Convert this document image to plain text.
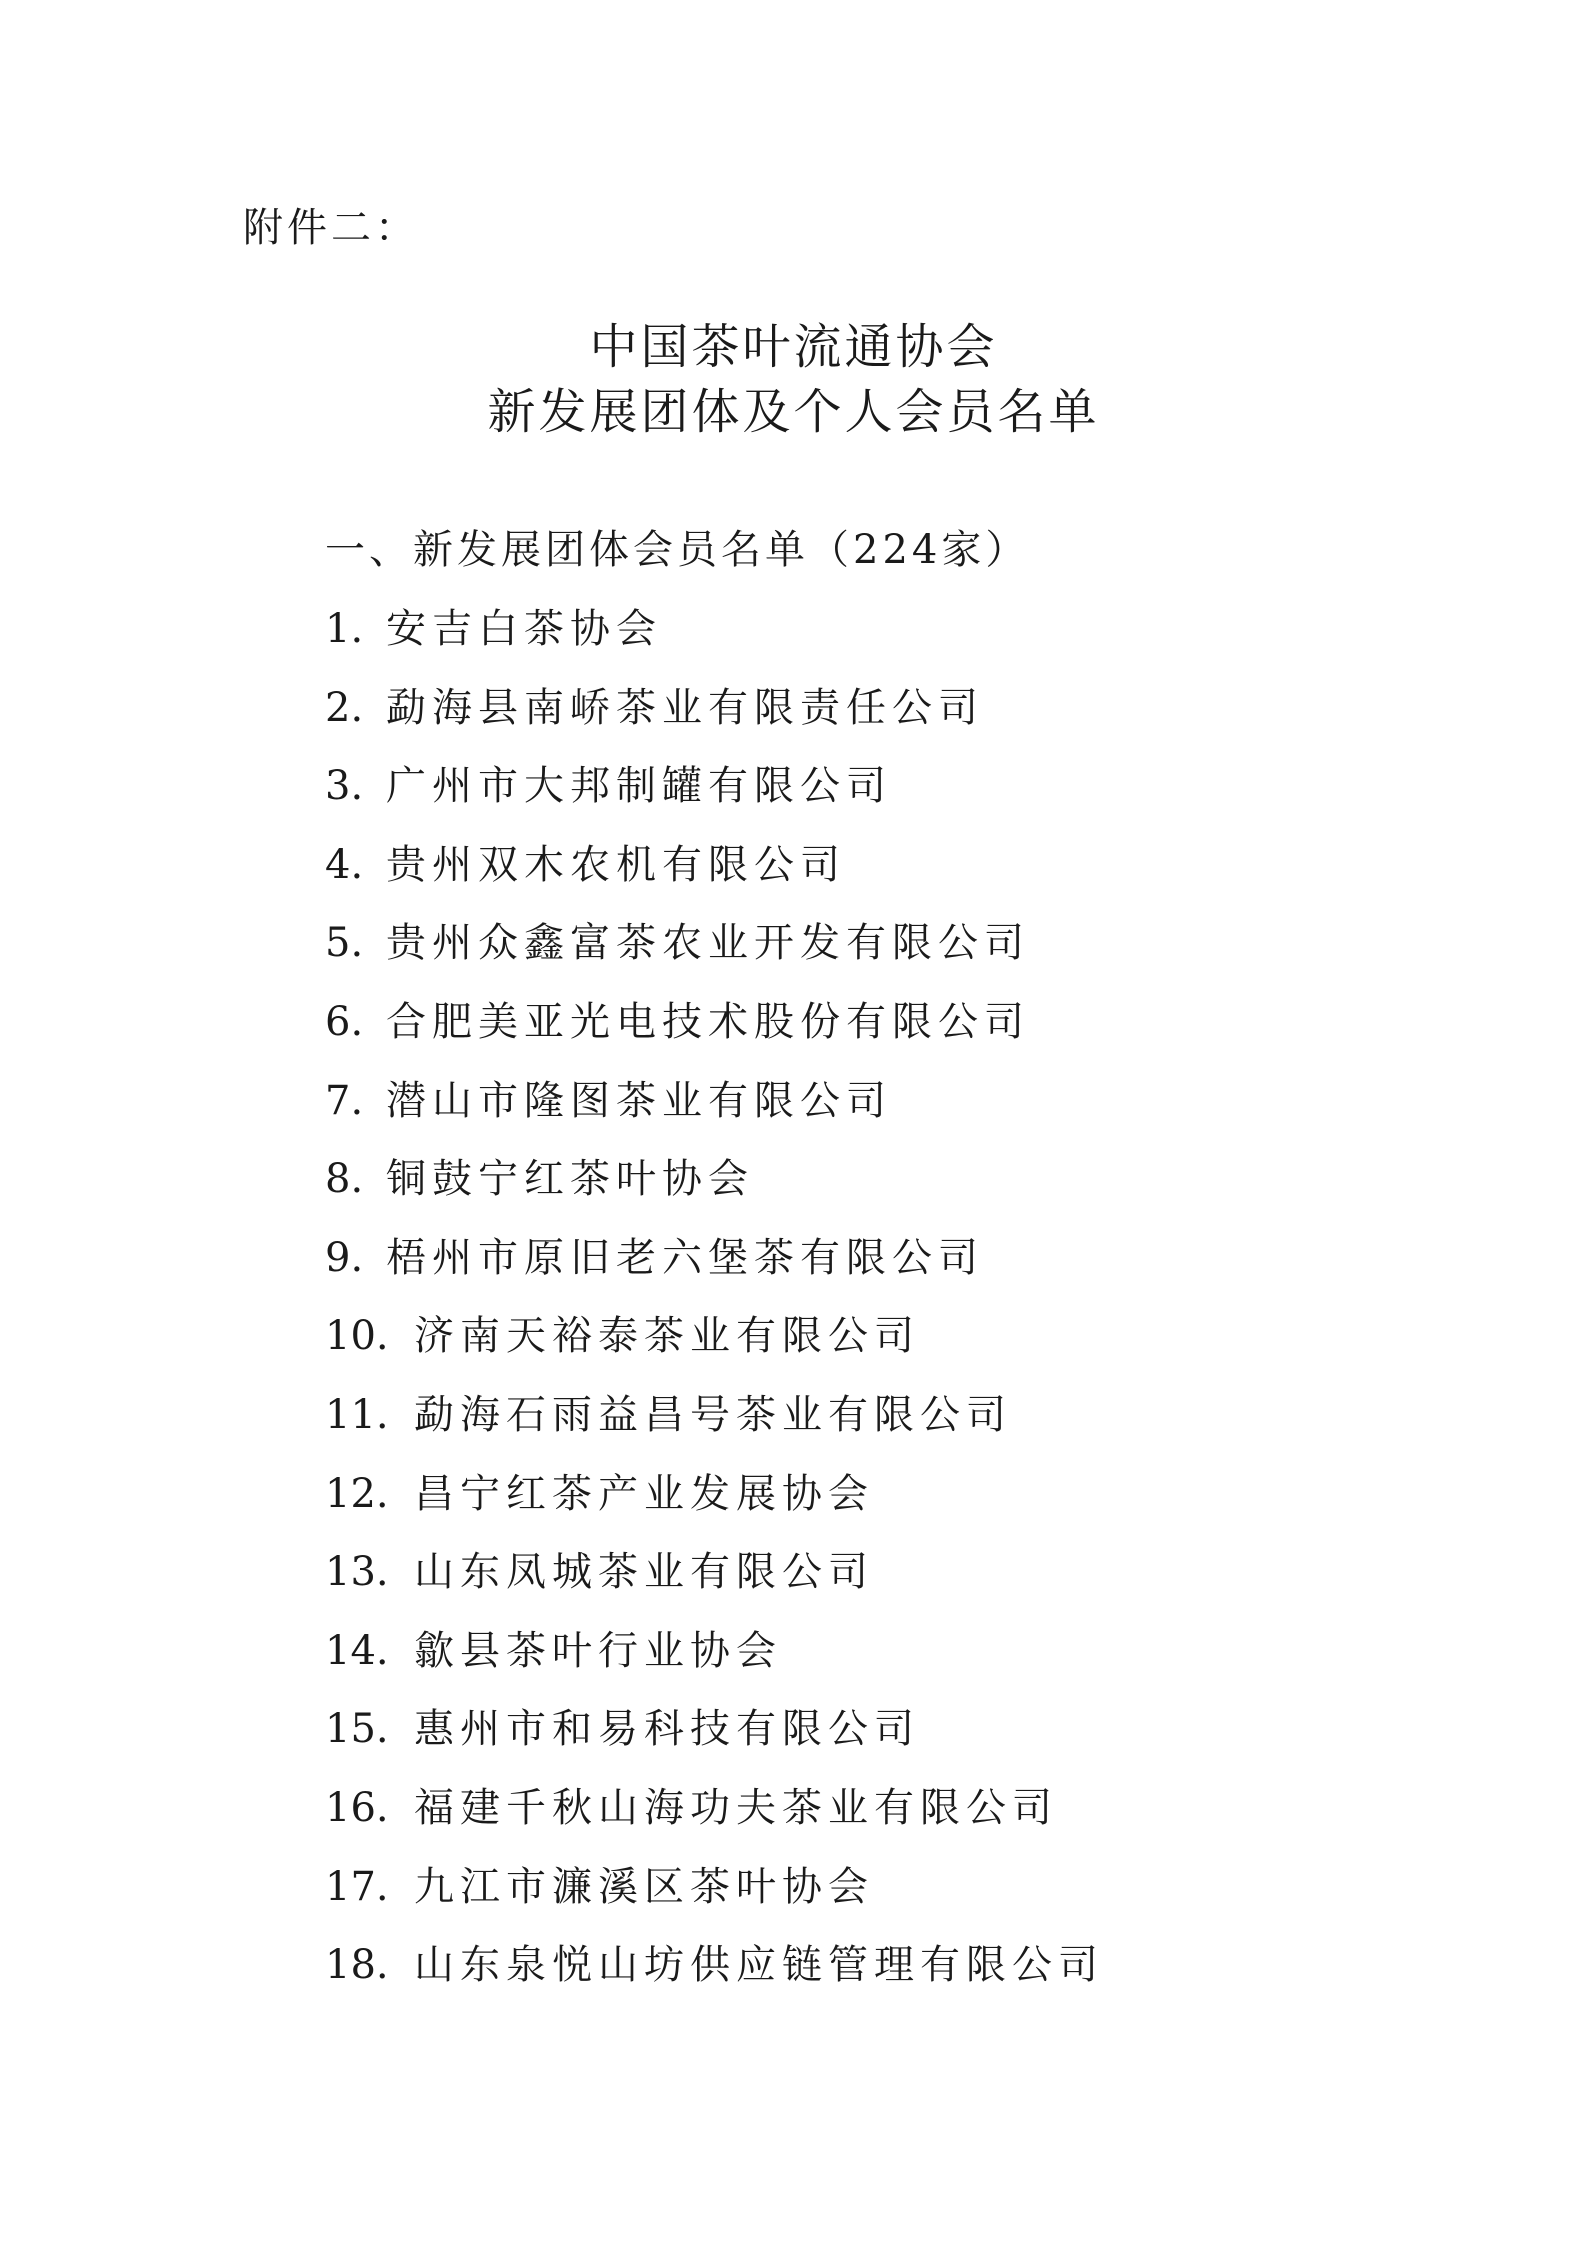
附件二：
中国茶叶流通协会
新发展团体及个人会员名单
一、新发展团体会员名单（224家）
1. 安吉白茶协会
2. 勐海县南峤茶业有限责任公司
3. 广州市大邦制罐有限公司
4. 贵州双木农机有限公司
5. 贵州众鑫富茶农业开发有限公司
6. 合肥美亚光电技术股份有限公司
7. 潜山市隆图茶业有限公司
8. 铜鼓宁红茶叶协会
9. 梧州市原旧老六堡茶有限公司
10. 济南天裕泰茶业有限公司
11. 勐海石雨益昌号茶业有限公司
12. 昌宁红茶产业发展协会
13. 山东凤城茶业有限公司
14. 歙县茶叶行业协会
15. 惠州市和易科技有限公司
16. 福建千秋山海功夫茶业有限公司
17. 九江市濂溪区茶叶协会
18. 山东泉悦山坊供应链管理有限公司
